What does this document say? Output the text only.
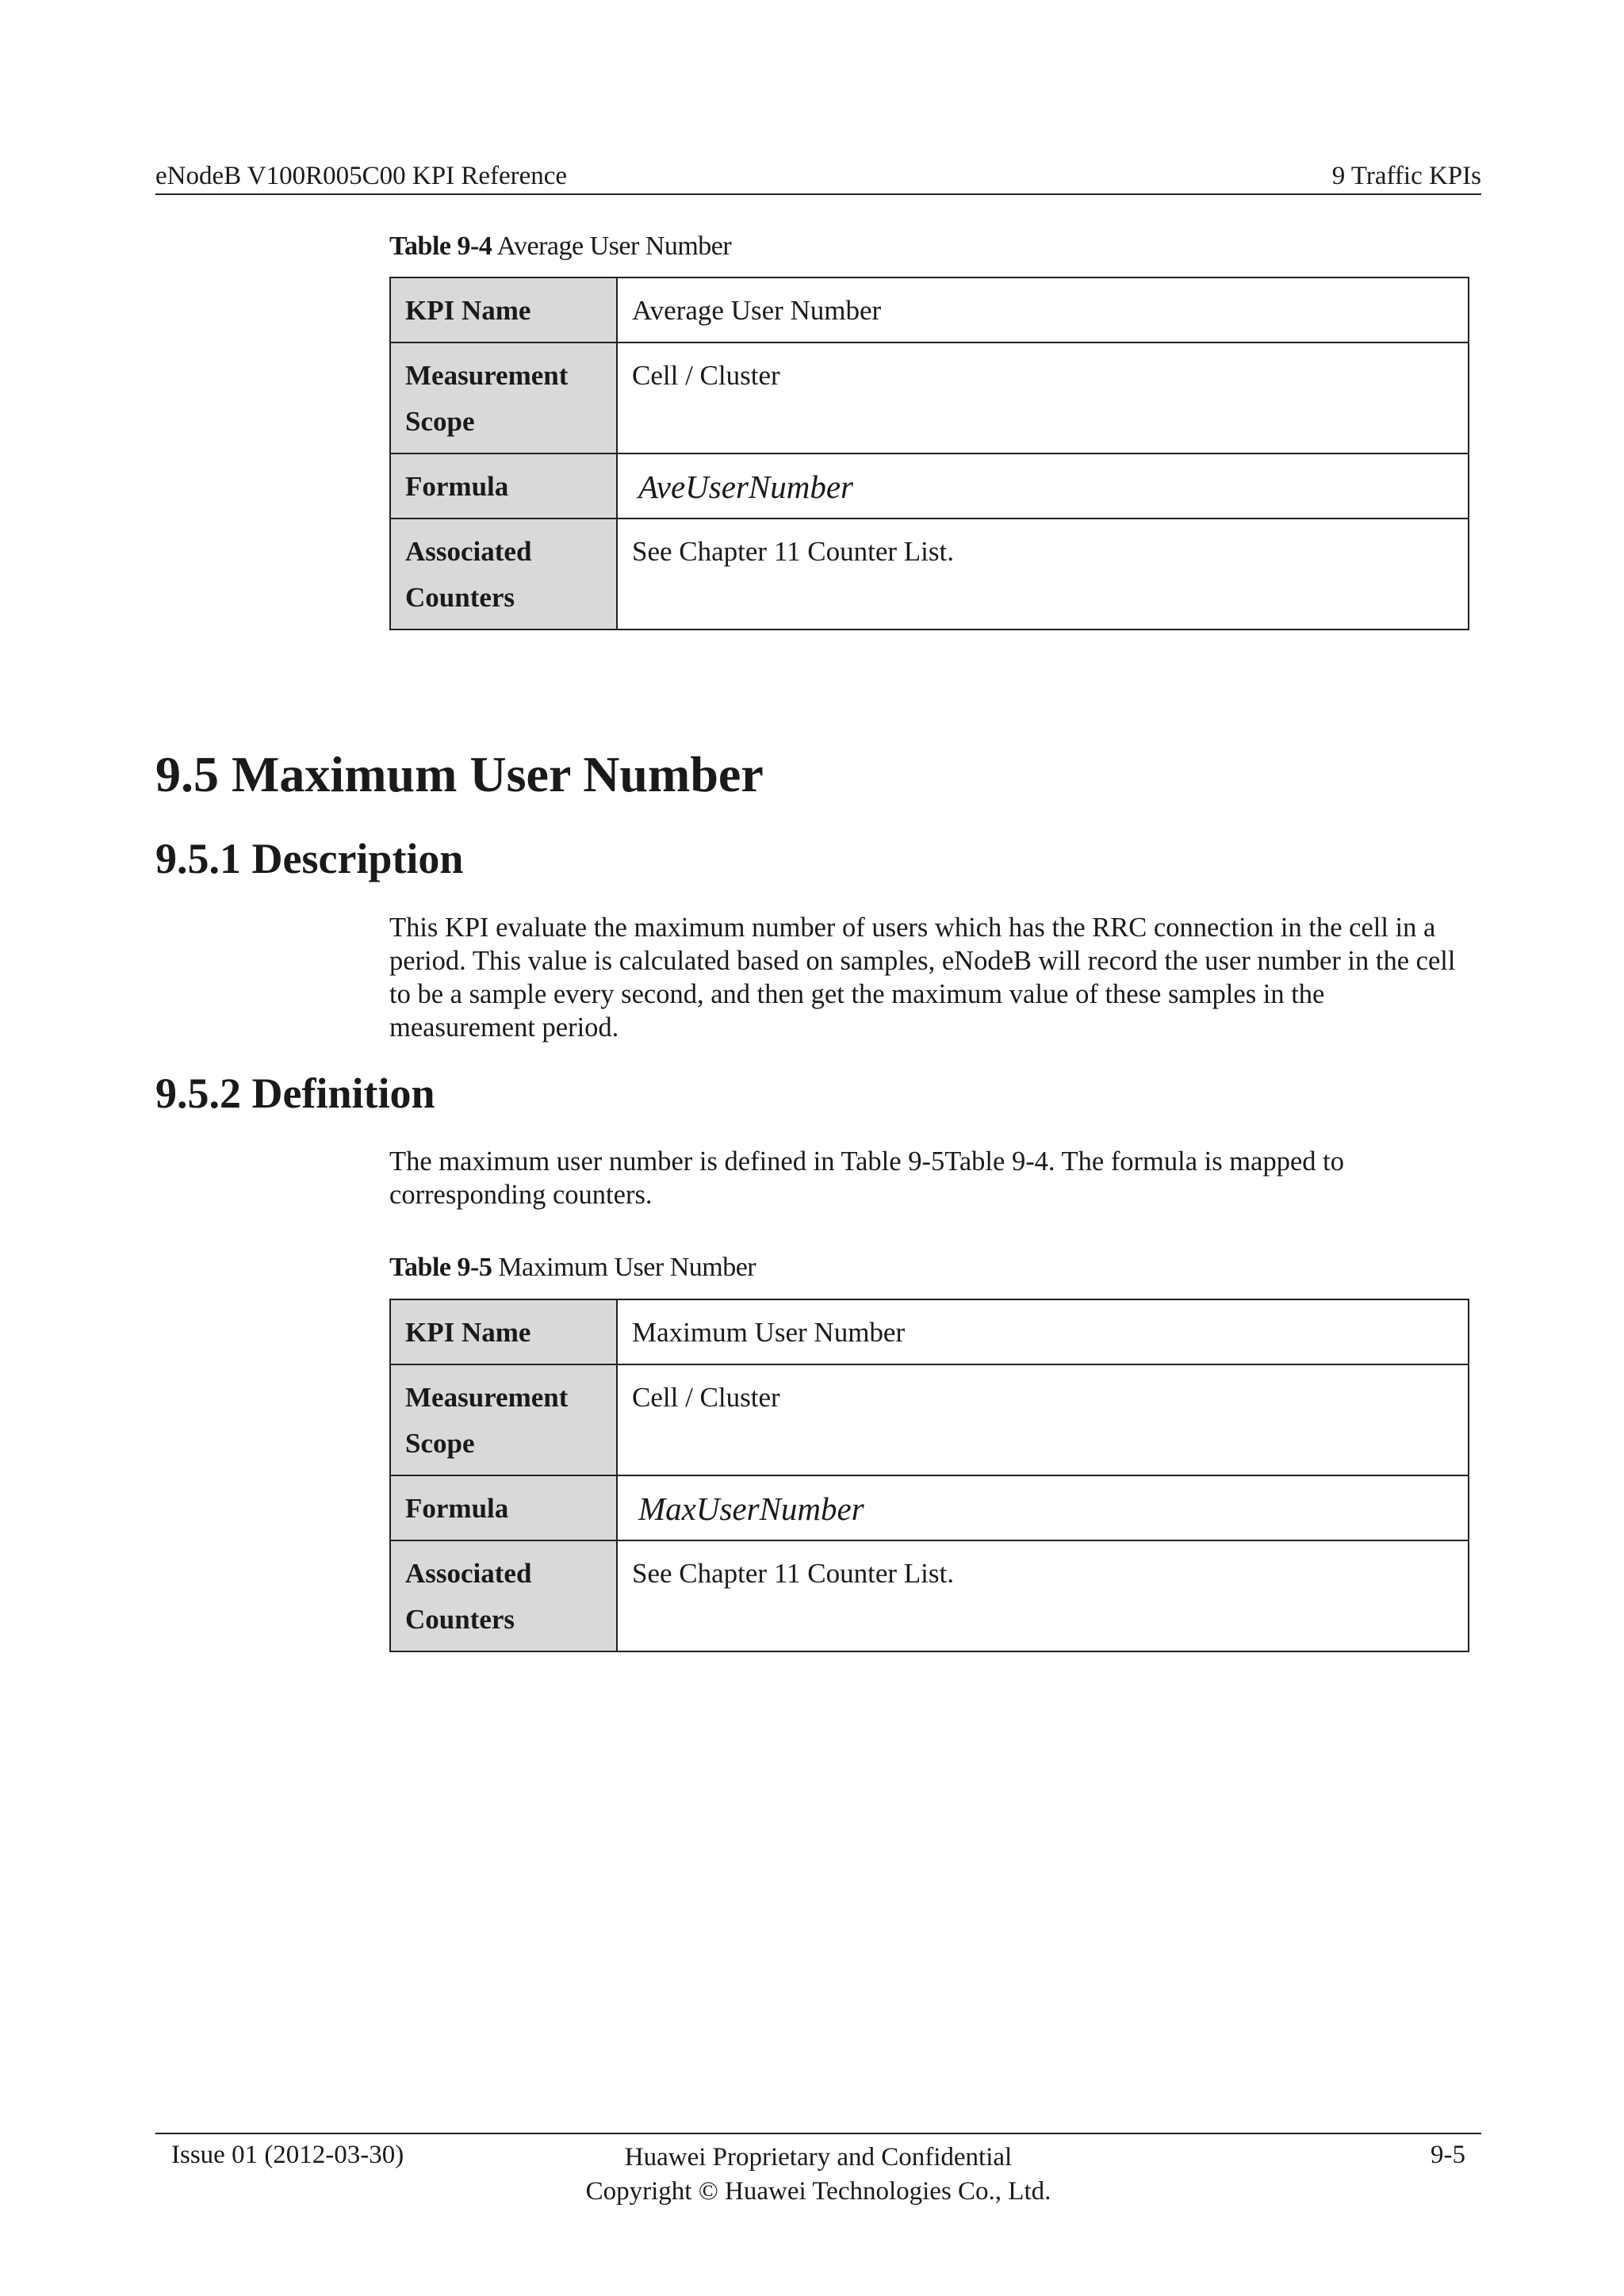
eNodeB V100R005C00 KPI Reference	9 Traffic KPIs
Table 9-4 Average User Number
KPI Name	Average User Number
Measurement Scope	Cell / Cluster
Formula	AveUserNumber
Associated Counters	See Chapter 11 Counter List.
9.5 Maximum User Number
9.5.1 Description
This KPI evaluate the maximum number of users which has the RRC connection in the cell in a period. This value is calculated based on samples, eNodeB will record the user number in the cell to be a sample every second, and then get the maximum value of these samples in the measurement period.
9.5.2 Definition
The maximum user number is defined in Table 9-5Table 9-4. The formula is mapped to corresponding counters.
Table 9-5 Maximum User Number
KPI Name	Maximum User Number
Measurement Scope	Cell / Cluster
Formula	MaxUserNumber
Associated Counters	See Chapter 11 Counter List.
Issue 01 (2012-03-30)	Huawei Proprietary and Confidential
Copyright © Huawei Technologies Co., Ltd.
9-5
